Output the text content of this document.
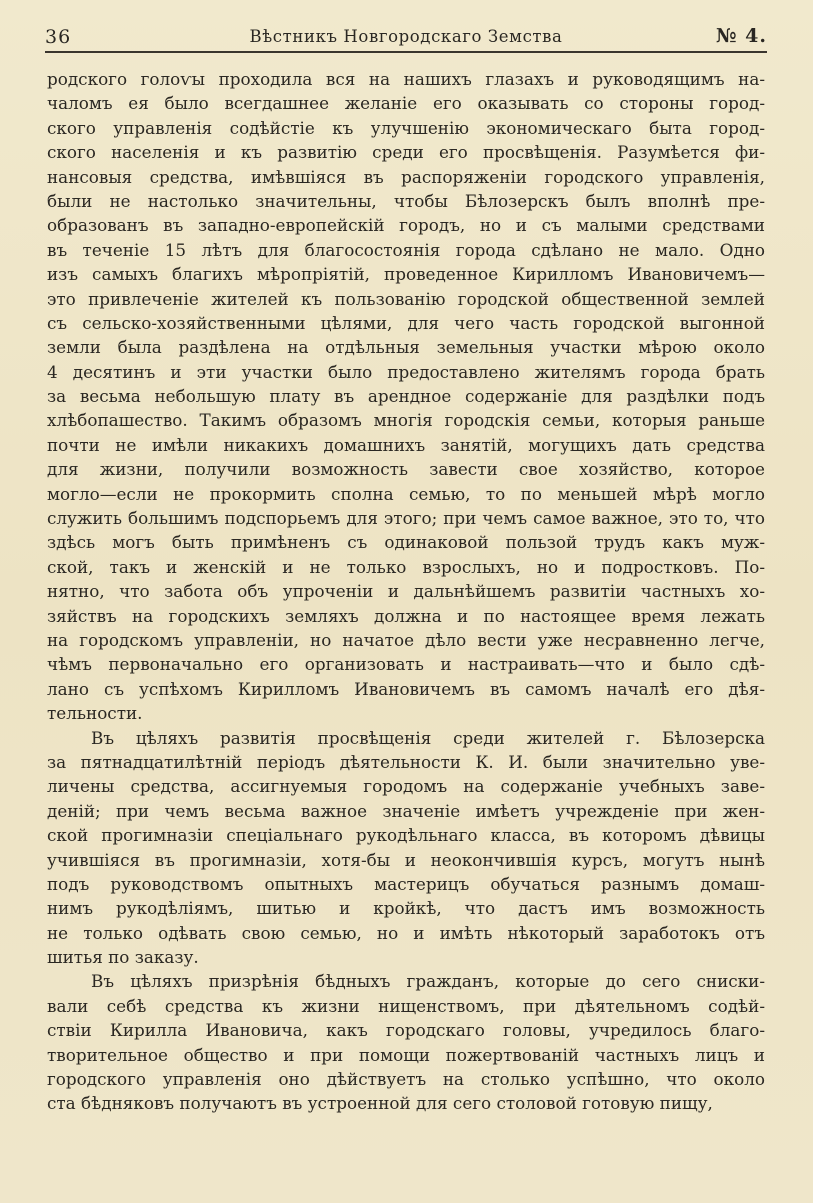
36	Вѣстникъ Новгородскаго Земства	№ 4.
родского голоѵы проходила вся на нашихъ глазахъ и руководящимъ на-
чаломъ ея было всегдашнее желанiе его оказывать со стороны город-
ского управленiя содѣйстiе къ улучшенiю экономическаго быта город-
ского населенiя и къ развитiю среди его просвѣщенiя. Разумѣется фи-
нансовыя средства, имѣвшiяся въ распоряженiи городского управленiя,
были не настолько значительны, чтобы Бѣлозерскъ былъ вполнѣ пре-
образованъ въ западно-европейскiй городъ, но и съ малыми средствами
въ теченiе 15 лѣтъ для благосостоянiя города сдѣлано не мало. Одно
изъ самыхъ благихъ мѣропрiятiй, проведенное Кирилломъ Ивановичемъ—
это привлеченiе жителей къ пользованiю городской общественной землей
съ сельско-хозяйственными цѣлями, для чего часть городской выгонной
земли была раздѣлена на отдѣльныя земельныя участки мѣрою около
4 десятинъ и эти участки было предоставлено жителямъ города брать
за весьма небольшую плату въ арендное содержанiе для раздѣлки подъ
хлѣбопашество. Такимъ образомъ многiя городскiя семьи, которыя раньше
почти не имѣли никакихъ домашнихъ занятiй, могущихъ дать средства
для жизни, получили возможность завести свое хозяйство, которое
могло—если не прокормить сполна семью, то по меньшей мѣрѣ могло
служить большимъ подспорьемъ для этого; при чемъ самое важное, это то, что
здѣсь могъ быть примѣненъ съ одинаковой пользой трудъ какъ муж-
ской, такъ и женскiй и не только взрослыхъ, но и подростковъ. По-
нятно, что забота объ упроченiи и дальнѣйшемъ развитiи частныхъ хо-
зяйствъ на городскихъ земляхъ должна и по настоящее время лежать
на городскомъ управленiи, но начатое дѣло вести уже несравненно легче,
чѣмъ первоначально его организовать и настраивать—что и было сдѣ-
лано съ успѣхомъ Кирилломъ Ивановичемъ въ самомъ началѣ его дѣя-
тельности.
Въ цѣляхъ развитiя просвѣщенiя среди жителей г. Бѣлозерска
за пятнадцатилѣтнiй перiодъ дѣятельности К. И. были значительно уве-
личены средства, ассигнуемыя городомъ на содержанiе учебныхъ заве-
денiй; при чемъ весьма важное значенiе имѣетъ учрежденiе при жен-
ской прогимназiи спецiальнаго рукодѣльнаго класса, въ которомъ дѣвицы
учившiяся въ прогимназiи, хотя-бы и неокончившiя курсъ, могутъ нынѣ
подъ руководствомъ опытныхъ мастерицъ обучаться разнымъ домаш-
нимъ рукодѣлiямъ, шитью и кройкѣ, что дастъ имъ возможность
не только одѣвать свою семью, но и имѣть нѣкоторый заработокъ отъ
шитья по заказу.
Въ цѣляхъ призрѣнiя бѣдныхъ гражданъ, которые до сего сниски-
вали себѣ средства къ жизни нищенствомъ, при дѣятельномъ содѣй-
ствiи Кирилла Ивановича, какъ городскаго головы, учредилось благо-
творительное общество и при помощи пожертвованiй частныхъ лицъ и
городского управленiя оно дѣйствуетъ на столько успѣшно, что около
ста бѣдняковъ получаютъ въ устроенной для сего столовой готовую пищу,
